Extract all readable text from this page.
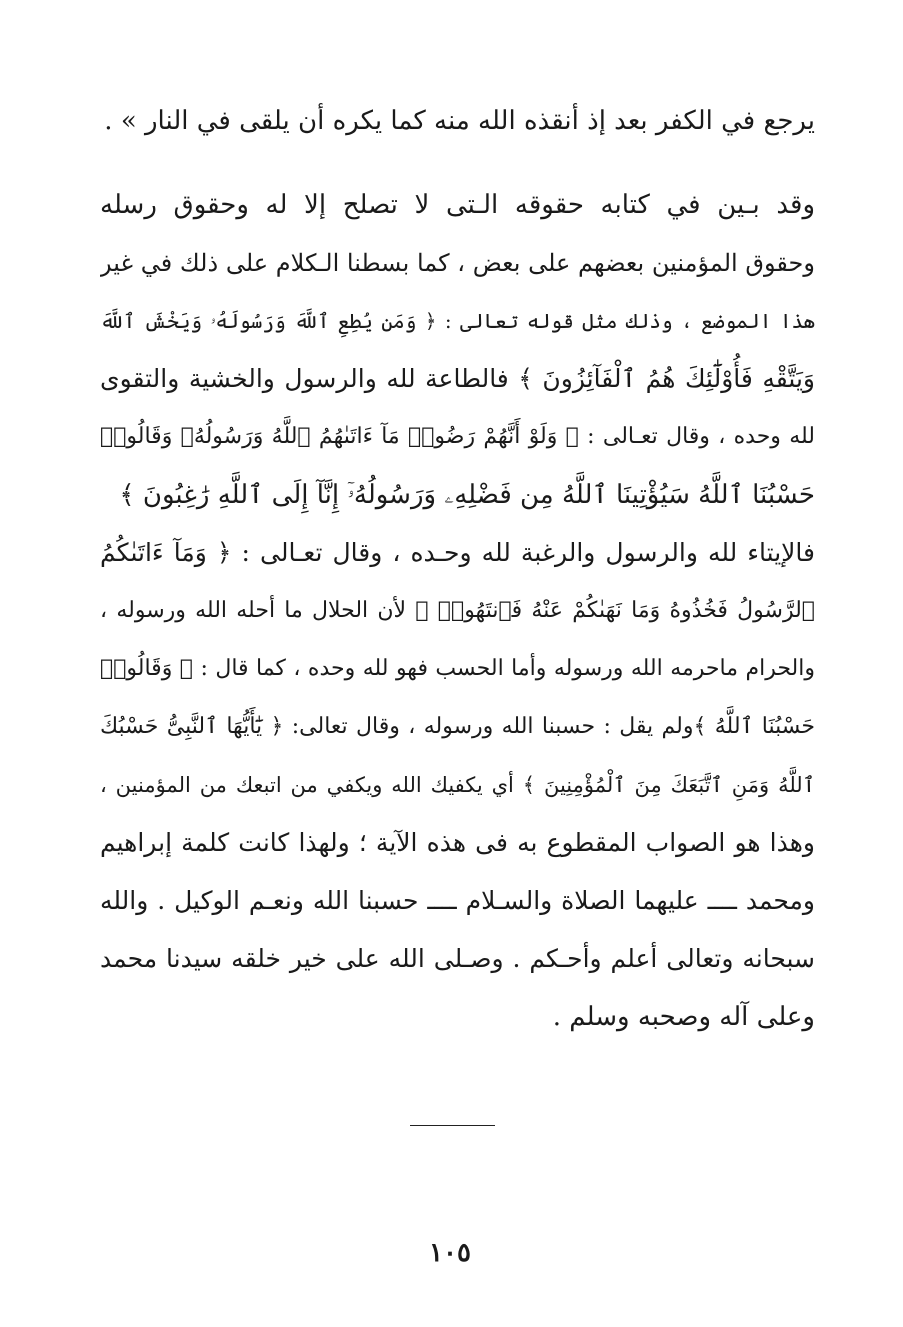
يرجع في الكفر بعد إذ أنقذه الله منه كما يكره أن يلقى في النار » .
وقد بـين في كتابه حقوقه الـتى لا تصلح إلا له وحقوق رسله
وحقوق المؤمنين بعضهم على بعض ، كما بسطنا الـكلام على ذلك في غير
هذا الموضع ، وذلك مثل قوله تعالى : ﴿ وَمَن يُطِعِ ٱللَّهَ وَرَسُولَهُۥ وَيَخْشَ ٱللَّهَ
وَيَتَّقْهِ فَأُوْلَٰٓئِكَ هُمُ ٱلْفَآئِزُونَ ﴾ فالطاعة لله والرسول والخشية والتقوى
لله وحده ، وقال تعـالى : ﴿ وَلَوْ أَنَّهُمْ رَضُوا۟ مَآ ءَاتَىٰهُمُ ٱللَّهُ وَرَسُولُهُۥ وَقَالُوا۟
حَسْبُنَا ٱللَّهُ سَيُؤْتِينَا ٱللَّهُ مِن فَضْلِهِۦ وَرَسُولُهُۥٓ إِنَّآ إِلَى ٱللَّهِ رَٰغِبُونَ ﴾
فالإيتاء لله والرسول والرغبة لله وحـده ، وقال تعـالى : ﴿ وَمَآ ءَاتَىٰكُمُ
ٱلرَّسُولُ فَخُذُوهُ وَمَا نَهَىٰكُمْ عَنْهُ فَٱنتَهُوا۟ ﴾ لأن الحلال ما أحله الله ورسوله ،
والحرام ماحرمه الله ورسوله وأما الحسب فهو لله وحده ، كما قال : ﴿ وَقَالُوا۟
حَسْبُنَا ٱللَّهُ ﴾ولم يقل : حسبنا الله ورسوله ، وقال تعالى: ﴿ يَٰٓأَيُّهَا ٱلنَّبِىُّ حَسْبُكَ
ٱللَّهُ وَمَنِ ٱتَّبَعَكَ مِنَ ٱلْمُؤْمِنِينَ ﴾ أي يكفيك الله ويكفي من اتبعك من المؤمنين ،
وهذا هو الصواب المقطوع به فى هذه الآية ؛ ولهذا كانت كلمة إبراهيم
ومحمد ــــ عليهما الصلاة والسـلام ــــ حسبنا الله ونعـم الوكيل . والله
سبحانه وتعالى أعلم وأحـكم . وصـلى الله على خير خلقه سيدنا محمد
وعلى آله وصحبه وسلم .
١٠٥
